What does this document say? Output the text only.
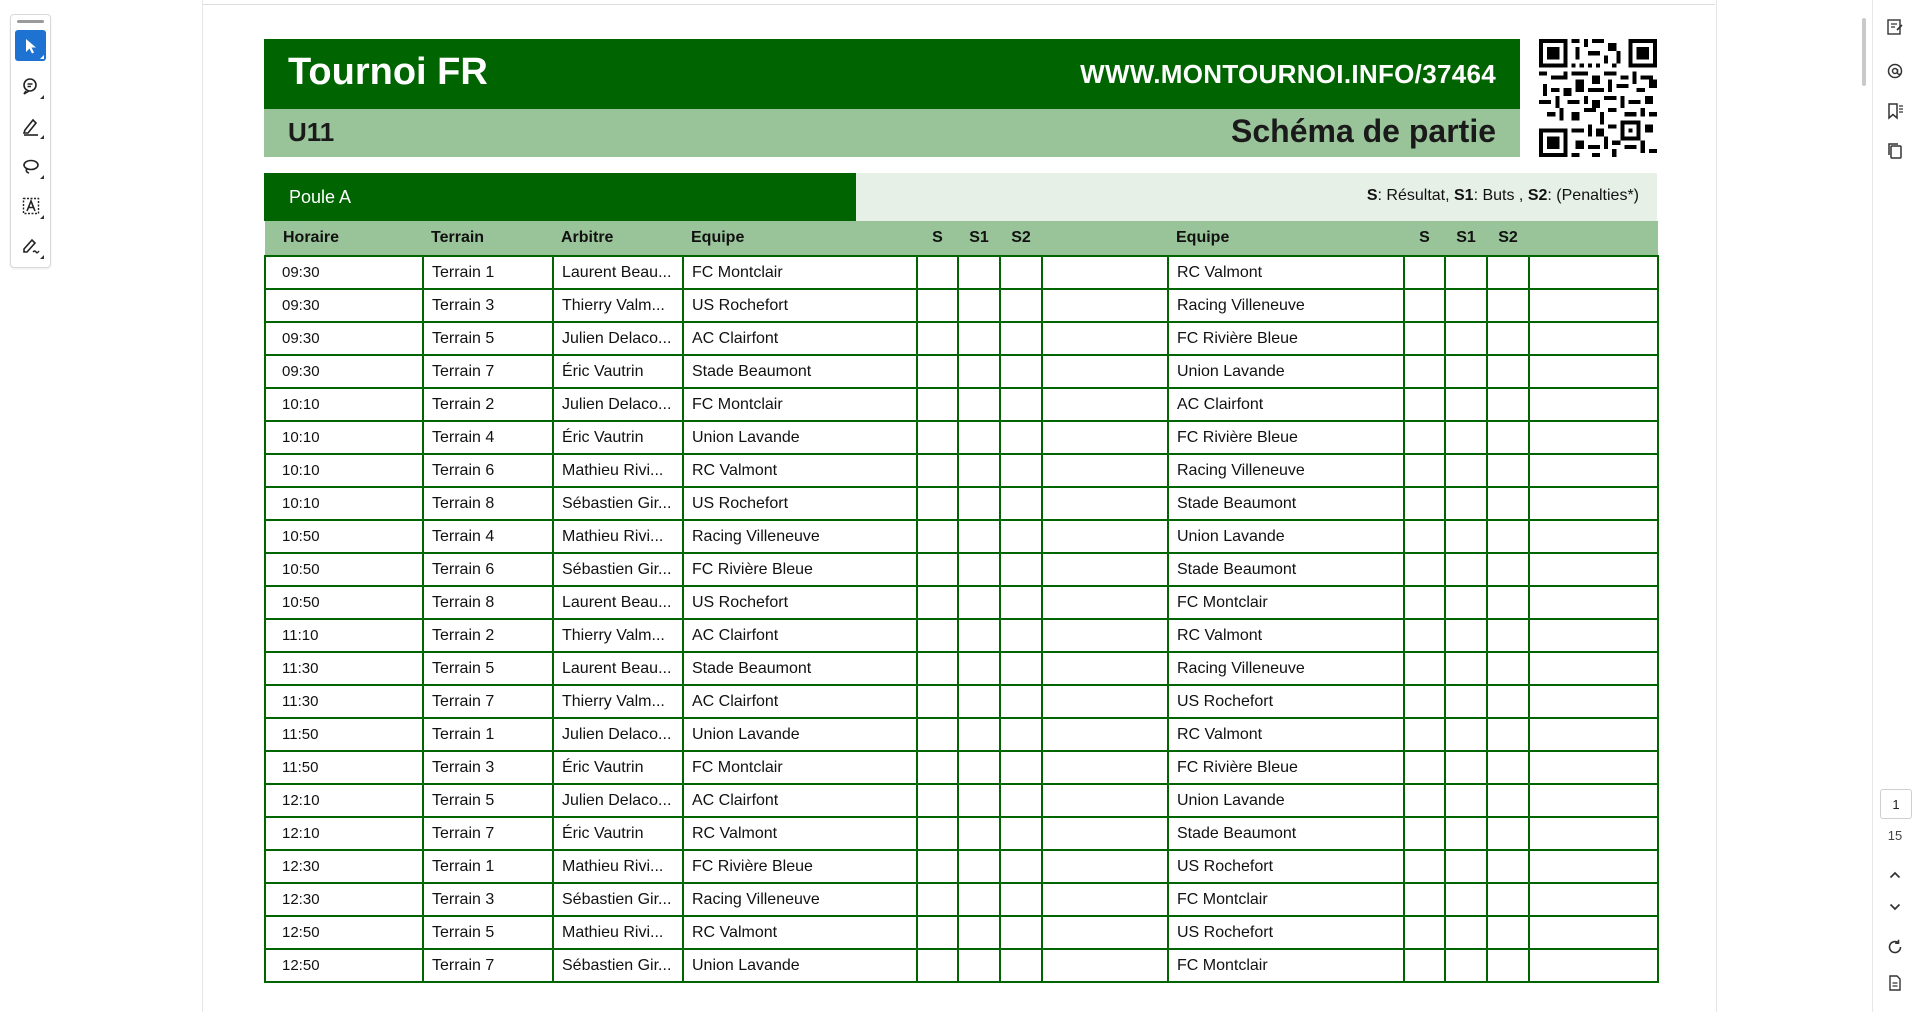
Tournoi FR	WWW.MONTOURNOI.INFO/37464
U11	Schéma de partie
Poule A	S: Résultat, S1: Buts , S2: (Penalties*)
Horaire	Terrain	Arbitre	Equipe	S	S1	S2		Equipe	S	S1	S2	
09:30	Terrain 1	Laurent Beau...	FC Montclair					RC Valmont				
09:30	Terrain 3	Thierry Valm...	US Rochefort					Racing Villeneuve				
09:30	Terrain 5	Julien Delaco...	AC Clairfont					FC Rivière Bleue				
09:30	Terrain 7	Éric Vautrin	Stade Beaumont					Union Lavande				
10:10	Terrain 2	Julien Delaco...	FC Montclair					AC Clairfont				
10:10	Terrain 4	Éric Vautrin	Union Lavande					FC Rivière Bleue				
10:10	Terrain 6	Mathieu Rivi...	RC Valmont					Racing Villeneuve				
10:10	Terrain 8	Sébastien Gir...	US Rochefort					Stade Beaumont				
10:50	Terrain 4	Mathieu Rivi...	Racing Villeneuve					Union Lavande				
10:50	Terrain 6	Sébastien Gir...	FC Rivière Bleue					Stade Beaumont				
10:50	Terrain 8	Laurent Beau...	US Rochefort					FC Montclair				
11:10	Terrain 2	Thierry Valm...	AC Clairfont					RC Valmont				
11:30	Terrain 5	Laurent Beau...	Stade Beaumont					Racing Villeneuve				
11:30	Terrain 7	Thierry Valm...	AC Clairfont					US Rochefort				
11:50	Terrain 1	Julien Delaco...	Union Lavande					RC Valmont				
11:50	Terrain 3	Éric Vautrin	FC Montclair					FC Rivière Bleue				
12:10	Terrain 5	Julien Delaco...	AC Clairfont					Union Lavande				
12:10	Terrain 7	Éric Vautrin	RC Valmont					Stade Beaumont				
12:30	Terrain 1	Mathieu Rivi...	FC Rivière Bleue					US Rochefort				
12:30	Terrain 3	Sébastien Gir...	Racing Villeneuve					FC Montclair				
12:50	Terrain 5	Mathieu Rivi...	RC Valmont					US Rochefort				
12:50	Terrain 7	Sébastien Gir...	Union Lavande					FC Montclair				
1
15
